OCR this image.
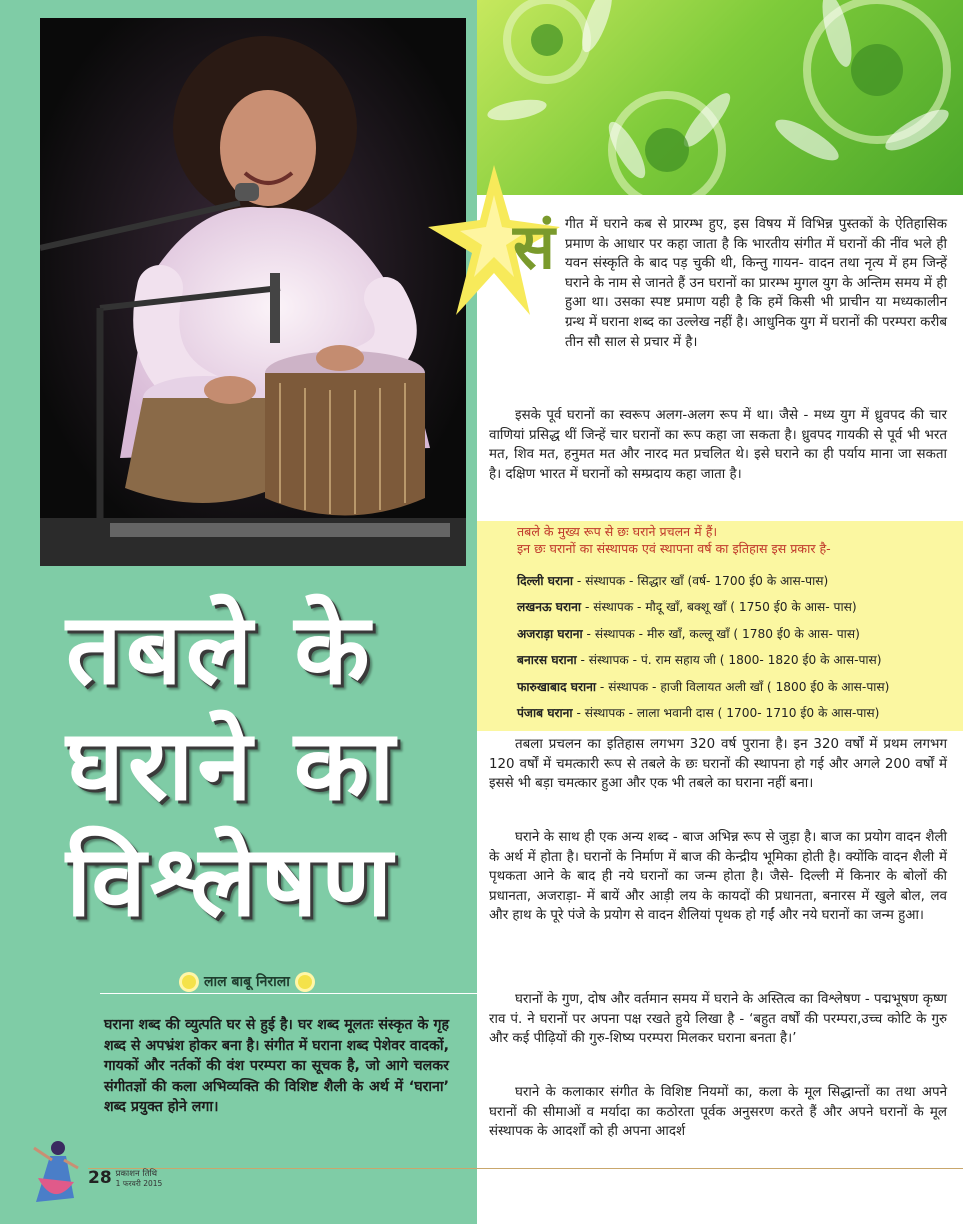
तबले के
घराने का
विश्लेषण
लाल बाबू निराला

घराना शब्द की व्युत्पति घर से हुई है। घर शब्द मूलतः संस्कृत के गृह शब्द से अपभ्रंश होकर बना है। संगीत में घराना शब्द पेशेवर वादकों, गायकों और नर्तकों की वंश परम्परा का सूचक है, जो आगे चलकर संगीतज्ञों की कला अभिव्यक्ति की विशिष्ट शैली के अर्थ में ‘घराना’ शब्द प्रयुक्त होने लगा।

28 प्रकाशन तिथि
1 फरवरी 2015
सं गीत में घराने कब से प्रारम्भ हुए, इस विषय में विभिन्न पुस्तकों के ऐतिहासिक प्रमाण के आधार पर कहा जाता है कि भारतीय संगीत में घरानों की नींव भले ही यवन संस्कृति के बाद पड़ चुकी थी, किन्तु गायन- वादन तथा नृत्य में हम जिन्हें घराने के नाम से जानते हैं उन घरानों का प्रारम्भ मुगल युग के अन्तिम समय में ही हुआ था। उसका स्पष्ट प्रमाण यही है कि हमें किसी भी प्राचीन या मध्यकालीन ग्रन्थ में घराना शब्द का उल्लेख नहीं है। आधुनिक युग में घरानों की परम्परा करीब तीन सौ साल से प्रचार में है।

इसके पूर्व घरानों का स्वरूप अलग-अलग रूप में था। जैसे - मध्य युग में ध्रुवपद की चार वाणियां प्रसिद्ध थीं जिन्हें चार घरानों का रूप कहा जा सकता है। ध्रुवपद गायकी से पूर्व भी भरत मत, शिव मत, हनुमत मत और नारद मत प्रचलित थे। इसे घराने का ही पर्याय माना जा सकता है। दक्षिण भारत में घरानों को सम्प्रदाय कहा जाता है।

तबले के मुख्य रूप से छः घराने प्रचलन में हैं।
इन छः घरानों का संस्थापक एवं स्थापना वर्ष का इतिहास इस प्रकार है-

दिल्ली घराना - संस्थापक - सिद्धार खाँ (वर्ष- 1700 ई0 के आस-पास)
लखनऊ घराना - संस्थापक - मौदू खाँ, बक्शू खाँ ( 1750 ई0 के आस- पास)
अजराड़ा घराना - संस्थापक - मीरु खाँ, कल्लू खाँ ( 1780 ई0 के आस- पास)
बनारस घराना - संस्थापक - पं. राम सहाय जी ( 1800- 1820 ई0 के आस-पास)
फारुखाबाद घराना - संस्थापक - हाजी विलायत अली खाँ ( 1800 ई0 के आस-पास)
पंजाब घराना - संस्थापक - लाला भवानी दास ( 1700- 1710 ई0 के आस-पास)

तबला प्रचलन का इतिहास लगभग 320 वर्ष पुराना है। इन 320 वर्षों में प्रथम लगभग 120 वर्षों में चमत्कारी रूप से तबले के छः घरानों की स्थापना हो गई और अगले 200 वर्षों में इससे भी बड़ा चमत्कार हुआ और एक भी तबले का घराना नहीं बना।

घराने के साथ ही एक अन्य शब्द - बाज अभिन्न रूप से जुड़ा है। बाज का प्रयोग वादन शैली के अर्थ में होता है। घरानों के निर्माण में बाज की केन्द्रीय भूमिका होती है। क्योंकि वादन शैली में पृथकता आने के बाद ही नये घरानों का जन्म होता है। जैसे- दिल्ली में किनार के बोलों की प्रधानता, अजराड़ा- में बायें और आड़ी लय के कायदों की प्रधानता, बनारस में खुले बोल, लव और हाथ के पूरे पंजे के प्रयोग से वादन शैलियां पृथक हो गईं और नये घरानों का जन्म हुआ।

घरानों के गुण, दोष और वर्तमान समय में घराने के अस्तित्व का विश्लेषण - पद्मभूषण कृष्ण राव पं. ने घरानों पर अपना पक्ष रखते हुये लिखा है - ‘बहुत वर्षों की परम्परा,उच्च कोटि के गुरु और कई पीढ़ियों की गुरु-शिष्य परम्परा मिलकर घराना बनता है।’

घराने के कलाकार संगीत के विशिष्ट नियमों का, कला के मूल सिद्धान्तों का तथा अपने घरानों की सीमाओं व मर्यादा का कठोरता पूर्वक अनुसरण करते हैं और अपने घरानों के मूल संस्थापक के आदर्शों को ही अपना आदर्श
